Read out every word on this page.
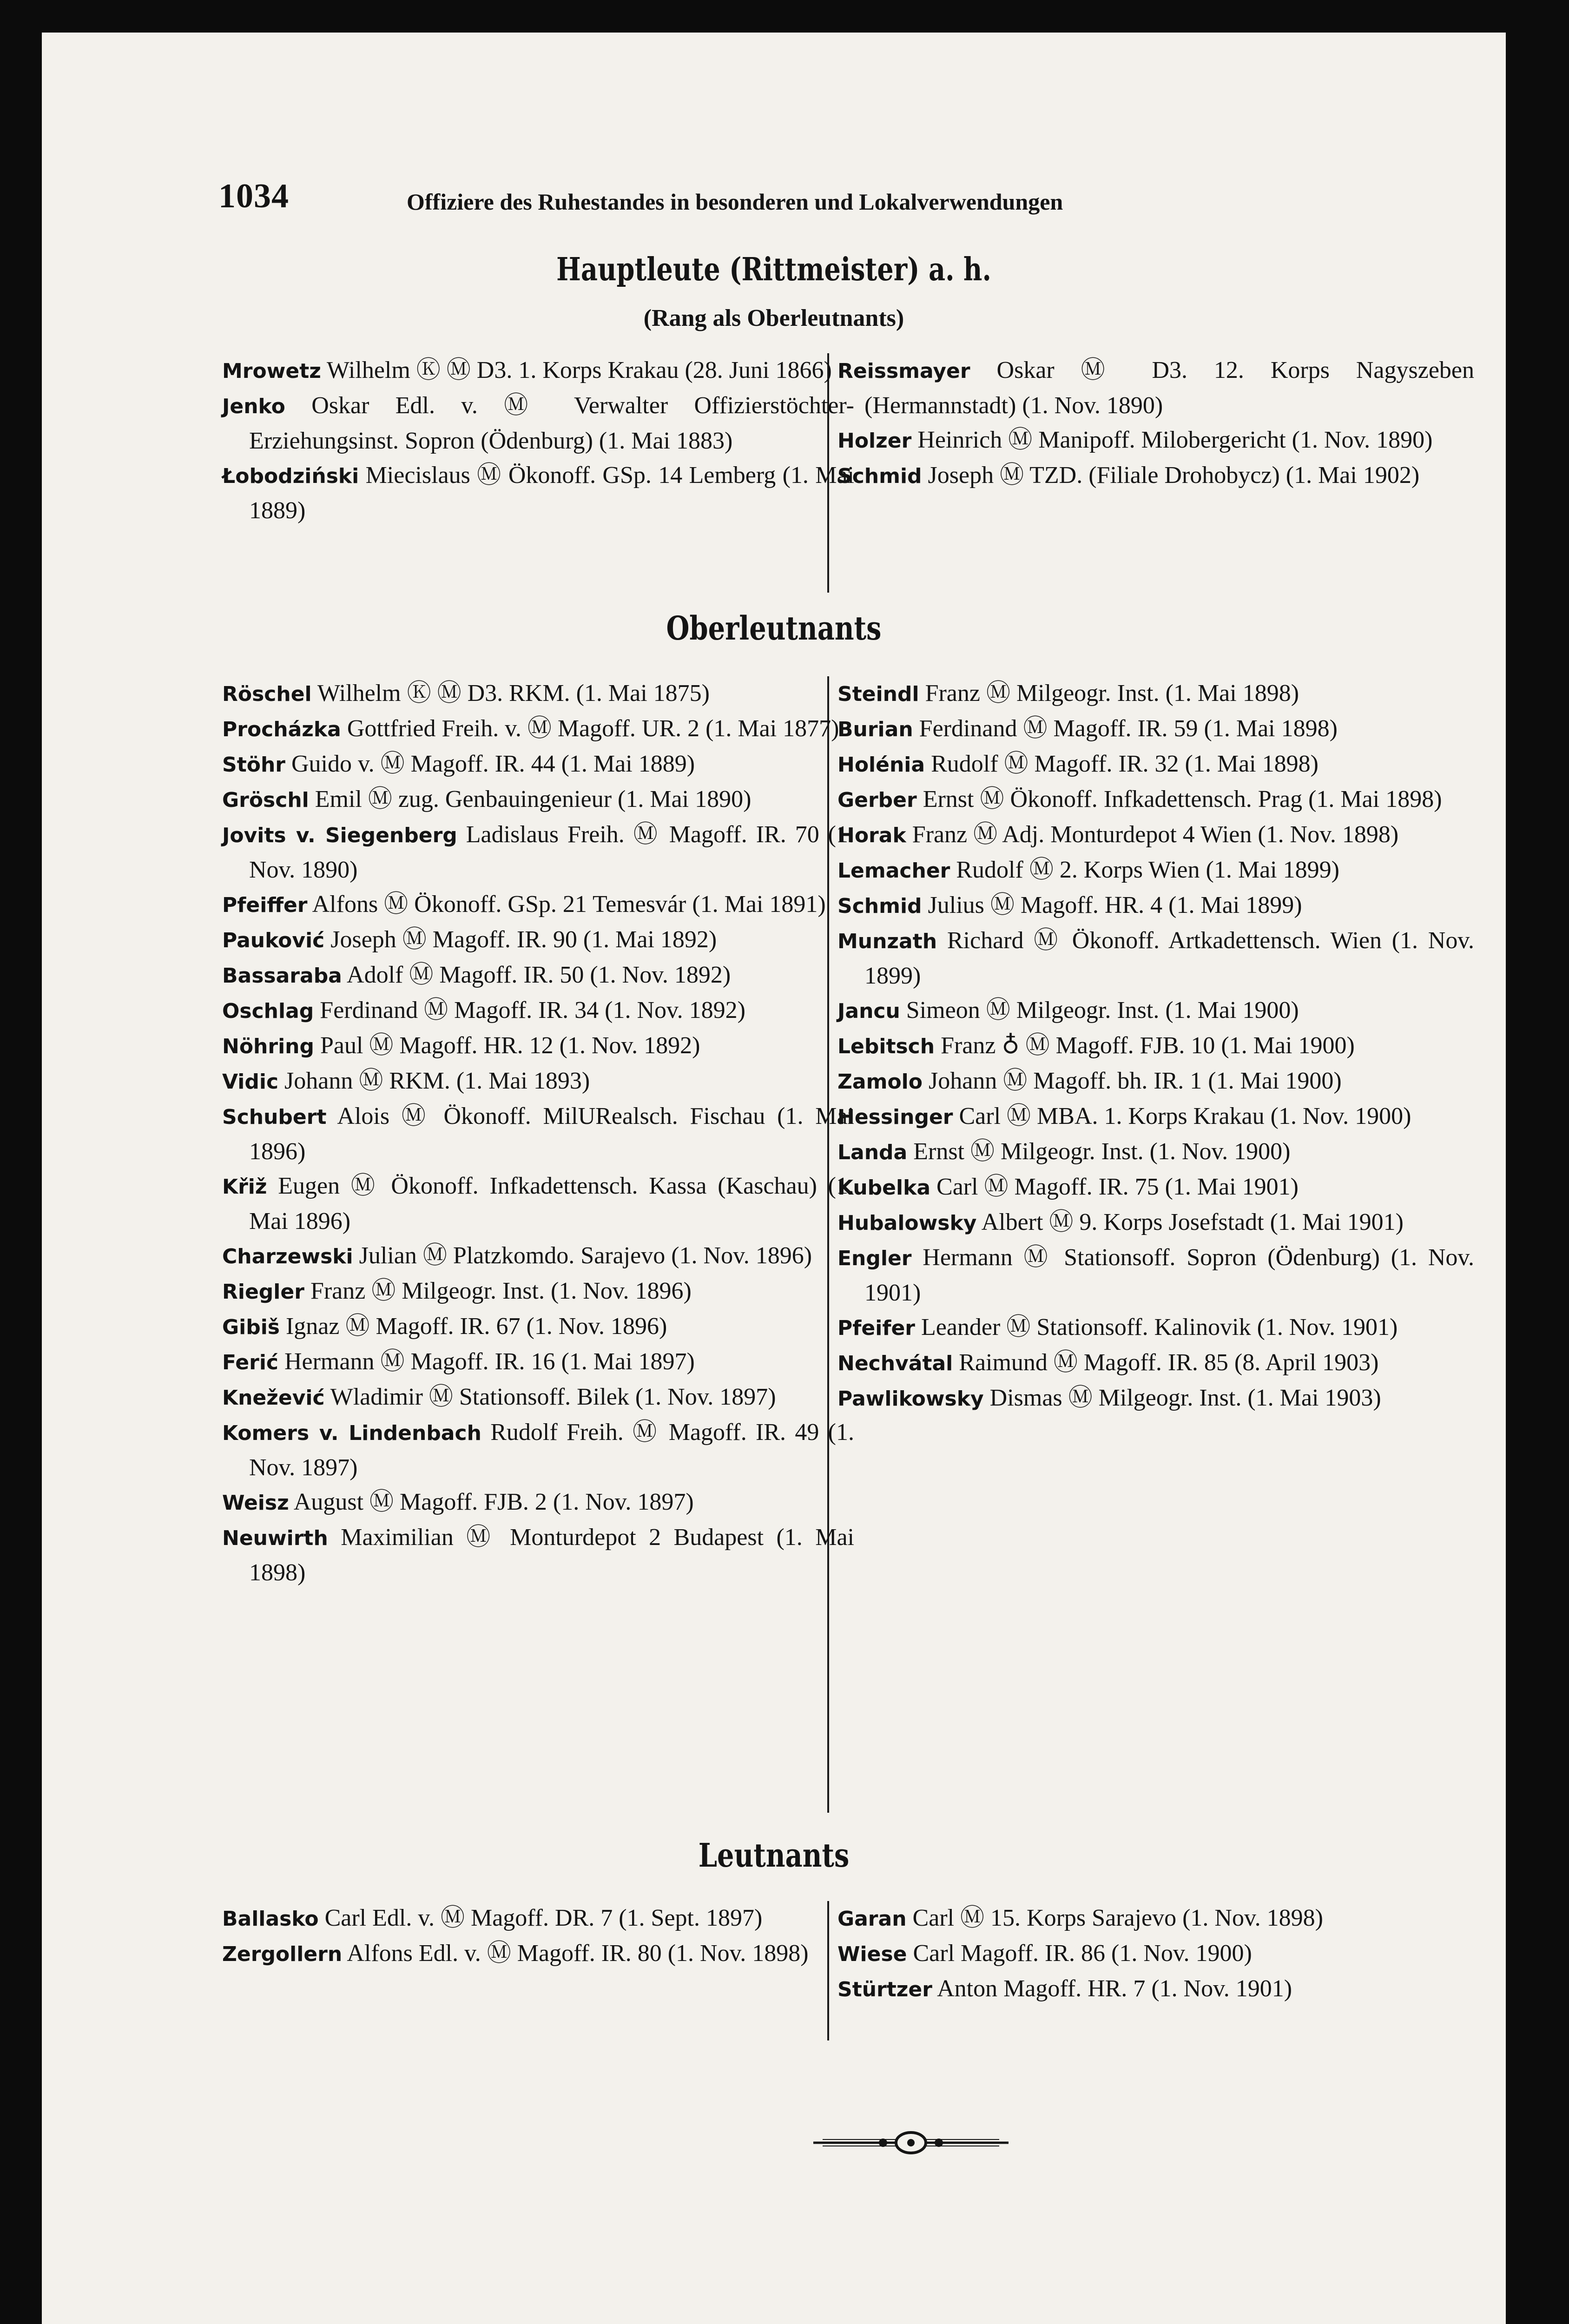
1034	Offiziere des Ruhestandes in besonderen und Lokalverwendungen
Hauptleute (Rittmeister) a. h.
(Rang als Oberleutnants)

Mrowetz Wilhelm Ⓚ Ⓜ D3. 1. Korps Krakau (28. Juni 1866)

Jenko Oskar Edl. v. Ⓜ Verwalter Offizierstöchter-Erziehungsinst. Sopron (Ödenburg) (1. Mai 1883)

Łobodziński Miecislaus Ⓜ Ökonoff. GSp. 14 Lemberg (1. Mai 1889)

Reissmayer Oskar Ⓜ D3. 12. Korps Nagyszeben (Hermannstadt) (1. Nov. 1890)

Holzer Heinrich Ⓜ Manipoff. Milobergericht (1. Nov. 1890)

Schmid Joseph Ⓜ TZD. (Filiale Drohobycz) (1. Mai 1902)

Oberleutnants

Röschel Wilhelm Ⓚ Ⓜ D3. RKM. (1. Mai 1875)

Procházka Gottfried Freih. v. Ⓜ Magoff. UR. 2 (1. Mai 1877)

Stöhr Guido v. Ⓜ Magoff. IR. 44 (1. Mai 1889)

Gröschl Emil Ⓜ zug. Genbauingenieur (1. Mai 1890)

Jovits v. Siegenberg Ladislaus Freih. Ⓜ Magoff. IR. 70 (1. Nov. 1890)

Pfeiffer Alfons Ⓜ Ökonoff. GSp. 21 Temesvár (1. Mai 1891)

Pauković Joseph Ⓜ Magoff. IR. 90 (1. Mai 1892)

Bassaraba Adolf Ⓜ Magoff. IR. 50 (1. Nov. 1892)

Oschlag Ferdinand Ⓜ Magoff. IR. 34 (1. Nov. 1892)

Nöhring Paul Ⓜ Magoff. HR. 12 (1. Nov. 1892)

Vidic Johann Ⓜ RKM. (1. Mai 1893)

Schubert Alois Ⓜ Ökonoff. MilURealsch. Fischau (1. Mai 1896)

Křiž Eugen Ⓜ Ökonoff. Infkadettensch. Kassa (Kaschau) (1. Mai 1896)

Charzewski Julian Ⓜ Platzkomdo. Sarajevo (1. Nov. 1896)

Riegler Franz Ⓜ Milgeogr. Inst. (1. Nov. 1896)

Gibiš Ignaz Ⓜ Magoff. IR. 67 (1. Nov. 1896)

Ferić Hermann Ⓜ Magoff. IR. 16 (1. Mai 1897)

Knežević Wladimir Ⓜ Stationsoff. Bilek (1. Nov. 1897)

Komers v. Lindenbach Rudolf Freih. Ⓜ Magoff. IR. 49 (1. Nov. 1897)

Weisz August Ⓜ Magoff. FJB. 2 (1. Nov. 1897)

Neuwirth Maximilian Ⓜ Monturdepot 2 Budapest (1. Mai 1898)

Steindl Franz Ⓜ Milgeogr. Inst. (1. Mai 1898)

Burian Ferdinand Ⓜ Magoff. IR. 59 (1. Mai 1898)

Holénia Rudolf Ⓜ Magoff. IR. 32 (1. Mai 1898)

Gerber Ernst Ⓜ Ökonoff. Infkadettensch. Prag (1. Mai 1898)

Horak Franz Ⓜ Adj. Monturdepot 4 Wien (1. Nov. 1898)

Lemacher Rudolf Ⓜ 2. Korps Wien (1. Mai 1899)

Schmid Julius Ⓜ Magoff. HR. 4 (1. Mai 1899)

Munzath Richard Ⓜ Ökonoff. Artkadettensch. Wien (1. Nov. 1899)

Jancu Simeon Ⓜ Milgeogr. Inst. (1. Mai 1900)

Lebitsch Franz ♁ Ⓜ Magoff. FJB. 10 (1. Mai 1900)

Zamolo Johann Ⓜ Magoff. bh. IR. 1 (1. Mai 1900)

Hessinger Carl Ⓜ MBA. 1. Korps Krakau (1. Nov. 1900)

Landa Ernst Ⓜ Milgeogr. Inst. (1. Nov. 1900)

Kubelka Carl Ⓜ Magoff. IR. 75 (1. Mai 1901)

Hubalowsky Albert Ⓜ 9. Korps Josefstadt (1. Mai 1901)

Engler Hermann Ⓜ Stationsoff. Sopron (Ödenburg) (1. Nov. 1901)

Pfeifer Leander Ⓜ Stationsoff. Kalinovik (1. Nov. 1901)

Nechvátal Raimund Ⓜ Magoff. IR. 85 (8. April 1903)

Pawlikowsky Dismas Ⓜ Milgeogr. Inst. (1. Mai 1903)

Leutnants

Ballasko Carl Edl. v. Ⓜ Magoff. DR. 7 (1. Sept. 1897)

Zergollern Alfons Edl. v. Ⓜ Magoff. IR. 80 (1. Nov. 1898)

Garan Carl Ⓜ 15. Korps Sarajevo (1. Nov. 1898)

Wiese Carl Magoff. IR. 86 (1. Nov. 1900)

Stürtzer Anton Magoff. HR. 7 (1. Nov. 1901)
